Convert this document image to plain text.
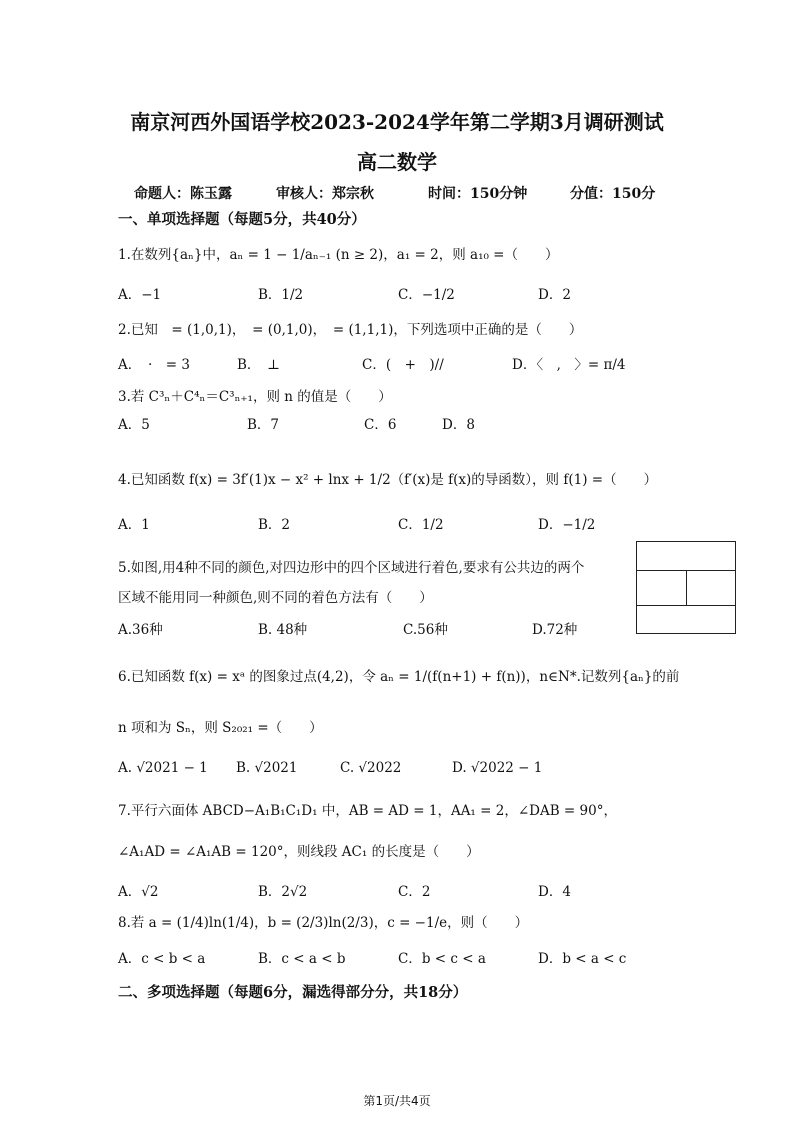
南京河西外国语学校2023-2024学年第二学期3月调研测试
高二数学
命题人：陈玉露	审核人：郑宗秋	时间：150分钟	分值：150分
一、单项选择题（每题5分，共40分）
1.在数列{aₙ}中，aₙ = 1 − 1/aₙ₋₁ (n ≥ 2)，a₁ = 2，则 a₁₀ =（　　）
A．−1	B．1/2	C．−1/2	D．2
2.已知　= (1,0,1)，　= (0,1,0)，　= (1,1,1)，下列选项中正确的是（　　）
A．　·　= 3	B．　⊥	C．(　+　)//	D．〈　,　〉= π/4
3.若 C³ₙ＋C⁴ₙ＝C³ₙ₊₁，则 n 的值是（　　）
A．5	B．7	C．6	D．8
4.已知函数 f(x) = 3f′(1)x − x² + lnx + 1/2（f′(x)是 f(x)的导函数），则 f(1) =（　　）
A．1	B．2	C．1/2	D．−1/2
5.如图,用4种不同的颜色,对四边形中的四个区域进行着色,要求有公共边的两个
区域不能用同一种颜色,则不同的着色方法有（　　）
A.36种	B. 48种	C.56种	D.72种
6.已知函数 f(x) = xᵃ 的图象过点(4,2)，令 aₙ = 1/(f(n+1) + f(n))，n∈N*.记数列{aₙ}的前
n 项和为 Sₙ，则 S₂₀₂₁ =（　　）
A. √2021 − 1 B. √2021	C. √2022	D. √2022 − 1
7.平行六面体 ABCD−A₁B₁C₁D₁ 中，AB = AD = 1，AA₁ = 2，∠DAB = 90°，
∠A₁AD = ∠A₁AB = 120°，则线段 AC₁ 的长度是（　　）
A．√2	B．2√2	C．2	D．4
8.若 a = (1/4)ln(1/4)，b = (2/3)ln(2/3)，c = −1/e，则（　　）
A．c < b < a	B．c < a < b	C．b < c < a	D．b < a < c
二、多项选择题（每题6分，漏选得部分分，共18分）
第1页/共4页
